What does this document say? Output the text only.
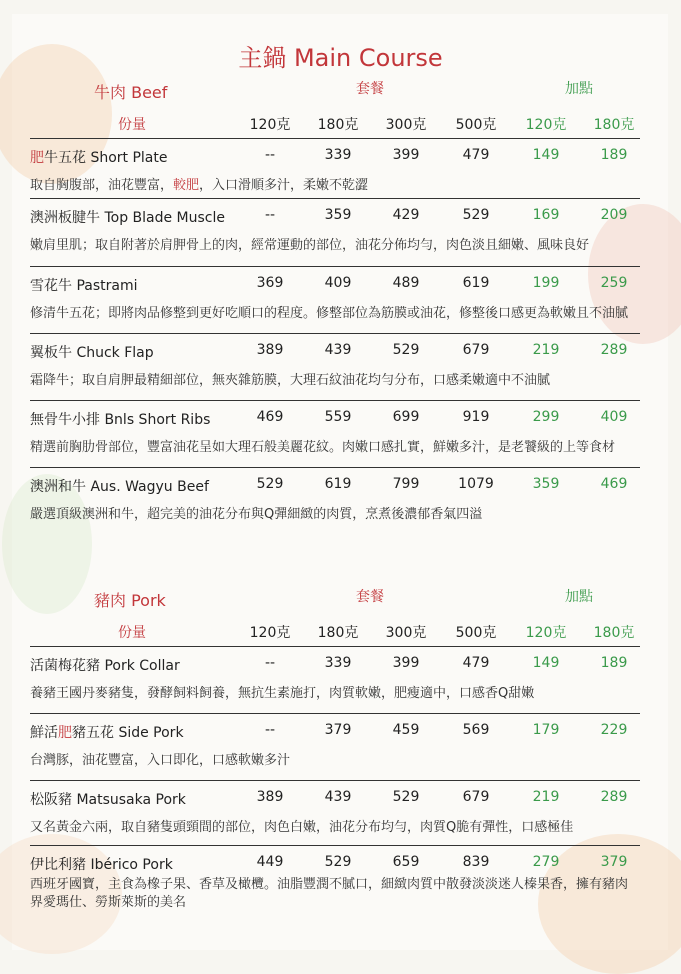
主鍋 Main Course
牛肉 Beef	套餐	加點
份量	120克	180克	300克	500克	120克	180克
肥牛五花 Short Plate	--	339	399	479	149	189
取自胸腹部，油花豐富，較肥，入口滑順多汁，柔嫩不乾澀
澳洲板腱牛 Top Blade Muscle	--	359	429	529	169	209
嫩肩里肌；取自附著於肩胛骨上的肉，經常運動的部位，油花分佈均勻，肉色淡且細嫩、風味良好
雪花牛 Pastrami	369	409	489	619	199	259
修清牛五花；即將肉品修整到更好吃順口的程度。修整部位為筋膜或油花，修整後口感更為軟嫩且不油膩
翼板牛 Chuck Flap	389	439	529	679	219	289
霜降牛；取自肩胛最精細部位，無夾雜筋膜，大理石紋油花均勻分布，口感柔嫩適中不油膩
無骨牛小排 Bnls Short Ribs	469	559	699	919	299	409
精選前胸肋骨部位，豐富油花呈如大理石般美麗花紋。肉嫩口感扎實，鮮嫩多汁，是老饕級的上等食材
澳洲和牛 Aus. Wagyu Beef	529	619	799	1079	359	469
嚴選頂級澳洲和牛，超完美的油花分布與Q彈細緻的肉質，烹煮後濃郁香氣四溢
豬肉 Pork	套餐	加點
份量	120克	180克	300克	500克	120克	180克
活菌梅花豬 Pork Collar	--	339	399	479	149	189
養豬王國丹麥豬隻，發酵飼料飼養，無抗生素施打，肉質軟嫩，肥瘦適中，口感香Q甜嫩
鮮活肥豬五花 Side Pork	--	379	459	569	179	229
台灣豚，油花豐富，入口即化，口感軟嫩多汁
松阪豬 Matsusaka Pork	389	439	529	679	219	289
又名黃金六兩，取自豬隻頭頸間的部位，肉色白嫩，油花分布均勻，肉質Q脆有彈性，口感極佳
伊比利豬 Ibérico Pork	449	529	659	839	279	379
西班牙國寶，主食為橡子果、香草及橄欖。油脂豐潤不膩口，細緻肉質中散發淡淡迷人榛果香，擁有豬肉界愛瑪仕、勞斯萊斯的美名
